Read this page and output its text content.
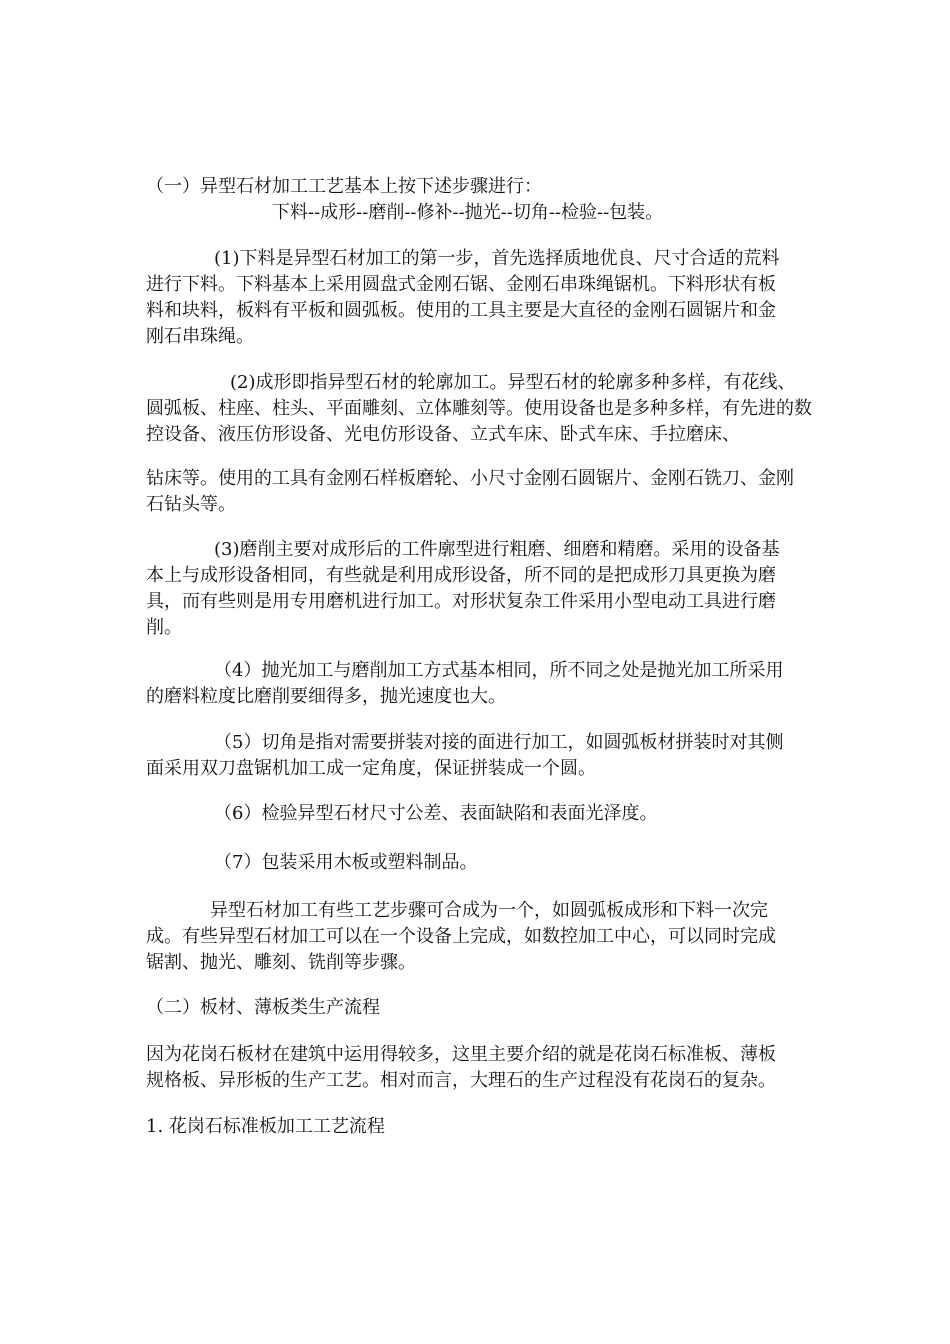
（一）异型石材加工工艺基本上按下述步骤进行：
下料--成形--磨削--修补--抛光--切角--检验--包装。
(1)下料是异型石材加工的第一步，首先选择质地优良、尺寸合适的荒料
进行下料。下料基本上采用圆盘式金刚石锯、金刚石串珠绳锯机。下料形状有板
料和块料，板料有平板和圆弧板。使用的工具主要是大直径的金刚石圆锯片和金
刚石串珠绳。
(2)成形即指异型石材的轮廓加工。异型石材的轮廓多种多样，有花线、
圆弧板、柱座、柱头、平面雕刻、立体雕刻等。使用设备也是多种多样，有先进的数
控设备、液压仿形设备、光电仿形设备、立式车床、卧式车床、手拉磨床、
钻床等。使用的工具有金刚石样板磨轮、小尺寸金刚石圆锯片、金刚石铣刀、金刚
石钻头等。
(3)磨削主要对成形后的工件廓型进行粗磨、细磨和精磨。采用的设备基
本上与成形设备相同，有些就是利用成形设备，所不同的是把成形刀具更换为磨
具，而有些则是用专用磨机进行加工。对形状复杂工件采用小型电动工具进行磨
削。
（4）抛光加工与磨削加工方式基本相同，所不同之处是抛光加工所采用
的磨料粒度比磨削要细得多，抛光速度也大。
（5）切角是指对需要拼装对接的面进行加工，如圆弧板材拼装时对其侧
面采用双刀盘锯机加工成一定角度，保证拼装成一个圆。
（6）检验异型石材尺寸公差、表面缺陷和表面光泽度。
（7）包装采用木板或塑料制品。
异型石材加工有些工艺步骤可合成为一个，如圆弧板成形和下料一次完
成。有些异型石材加工可以在一个设备上完成，如数控加工中心，可以同时完成
锯割、抛光、雕刻、铣削等步骤。
（二）板材、薄板类生产流程
因为花岗石板材在建筑中运用得较多，这里主要介绍的就是花岗石标准板、薄板
规格板、异形板的生产工艺。相对而言，大理石的生产过程没有花岗石的复杂。
1. 花岗石标准板加工工艺流程
